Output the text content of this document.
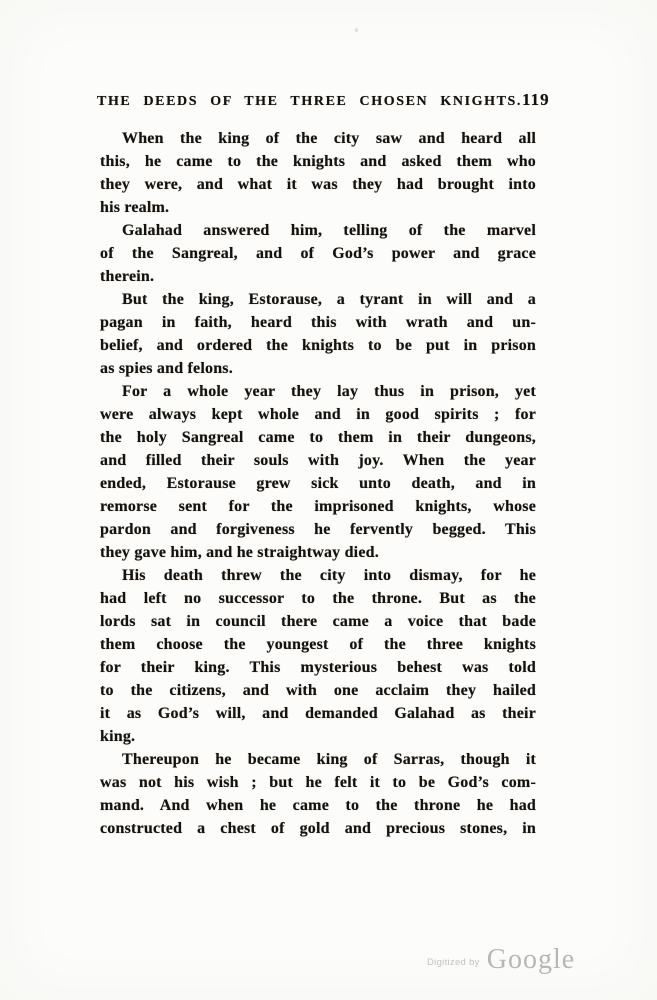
THE DEEDS OF THE THREE CHOSEN KNIGHTS. 119
When the king of the city saw and heard all
this, he came to the knights and asked them who
they were, and what it was they had brought into
his realm.
Galahad answered him, telling of the marvel
of the Sangreal, and of God’s power and grace
therein.
But the king, Estorause, a tyrant in will and a
pagan in faith, heard this with wrath and un-
belief, and ordered the knights to be put in prison
as spies and felons.
For a whole year they lay thus in prison, yet
were always kept whole and in good spirits ; for
the holy Sangreal came to them in their dungeons,
and filled their souls with joy. When the year
ended, Estorause grew sick unto death, and in
remorse sent for the imprisoned knights, whose
pardon and forgiveness he fervently begged. This
they gave him, and he straightway died.
His death threw the city into dismay, for he
had left no successor to the throne. But as the
lords sat in council there came a voice that bade
them choose the youngest of the three knights
for their king. This mysterious behest was told
to the citizens, and with one acclaim they hailed
it as God’s will, and demanded Galahad as their
king.
Thereupon he became king of Sarras, though it
was not his wish ; but he felt it to be God’s com-
mand. And when he came to the throne he had
constructed a chest of gold and precious stones, in
Digitized by Google
